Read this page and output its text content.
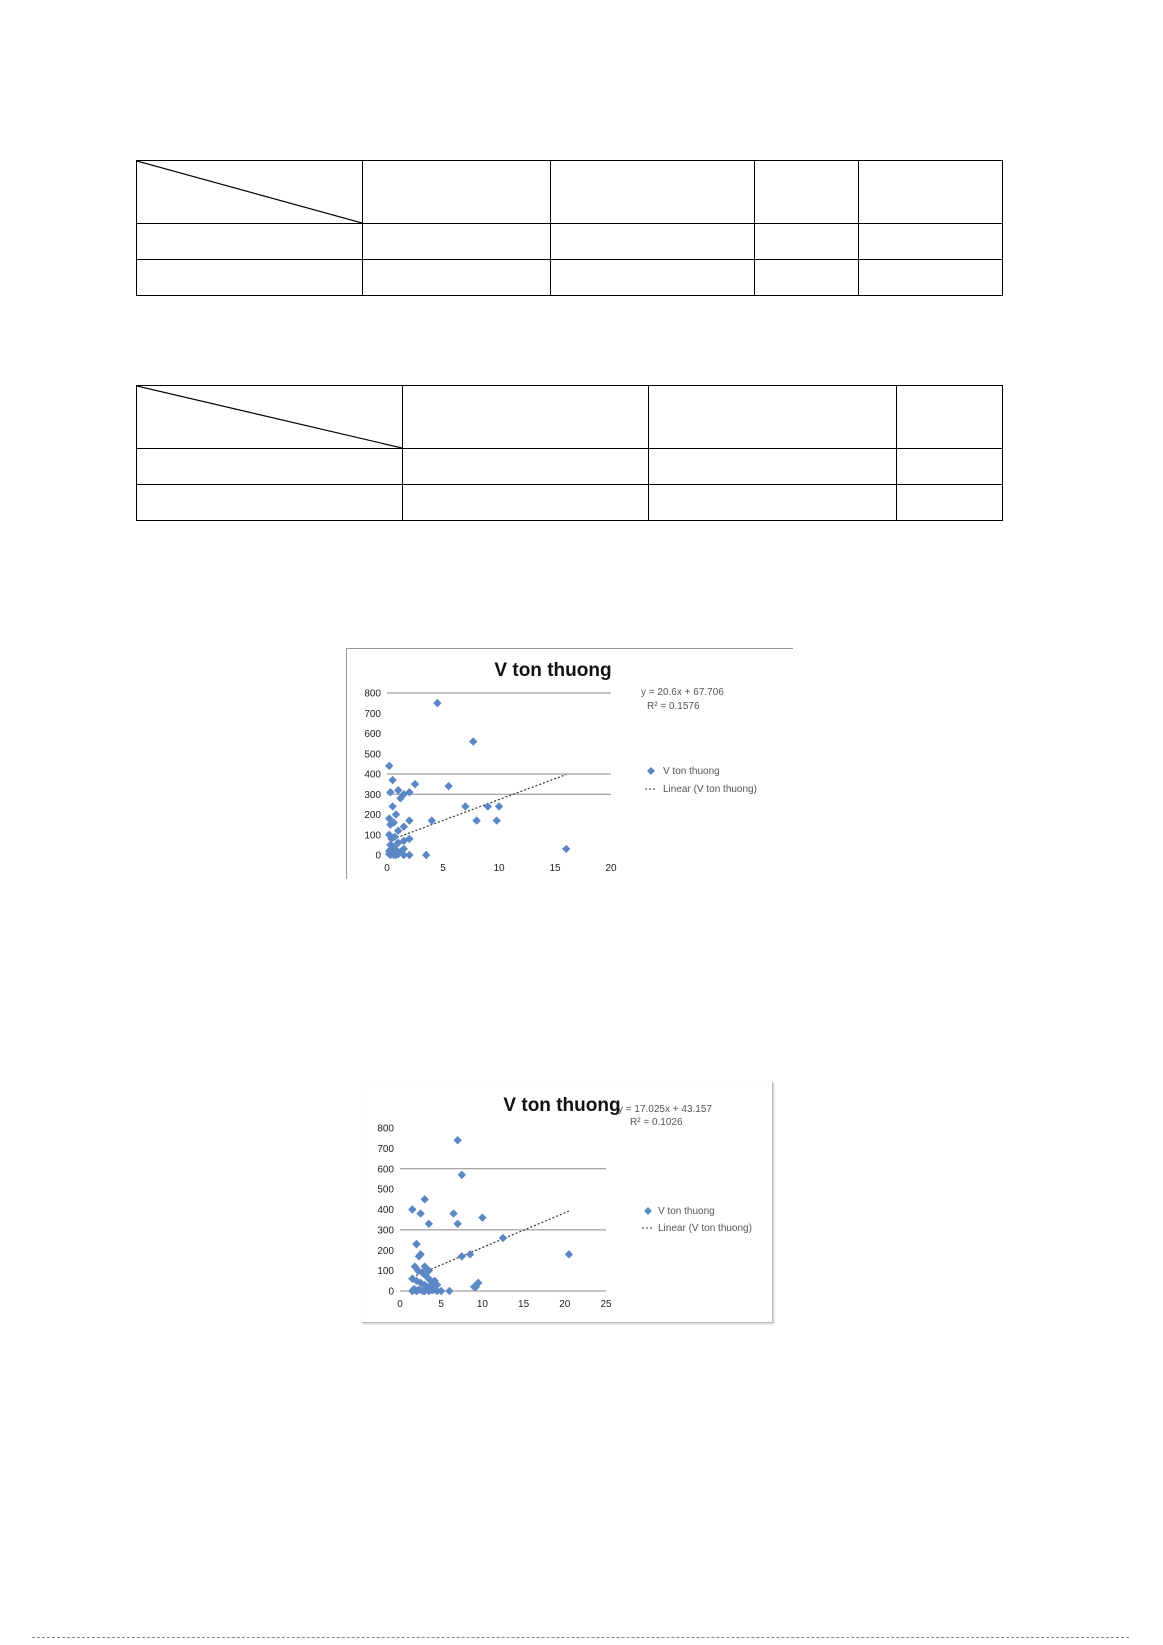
V ton thuong
0
100
200
300
400
500
600
700
800
0	5	10	15	20
y = 20.6x + 67.706
R² = 0.1576
V ton thuong
Linear (V ton thuong)
V ton thuong
0
100
200
300
400
500
600
700
800
0	5	10	15	20	25
y = 17.025x + 43.157
R² = 0.1026
V ton thuong
Linear (V ton thuong)
